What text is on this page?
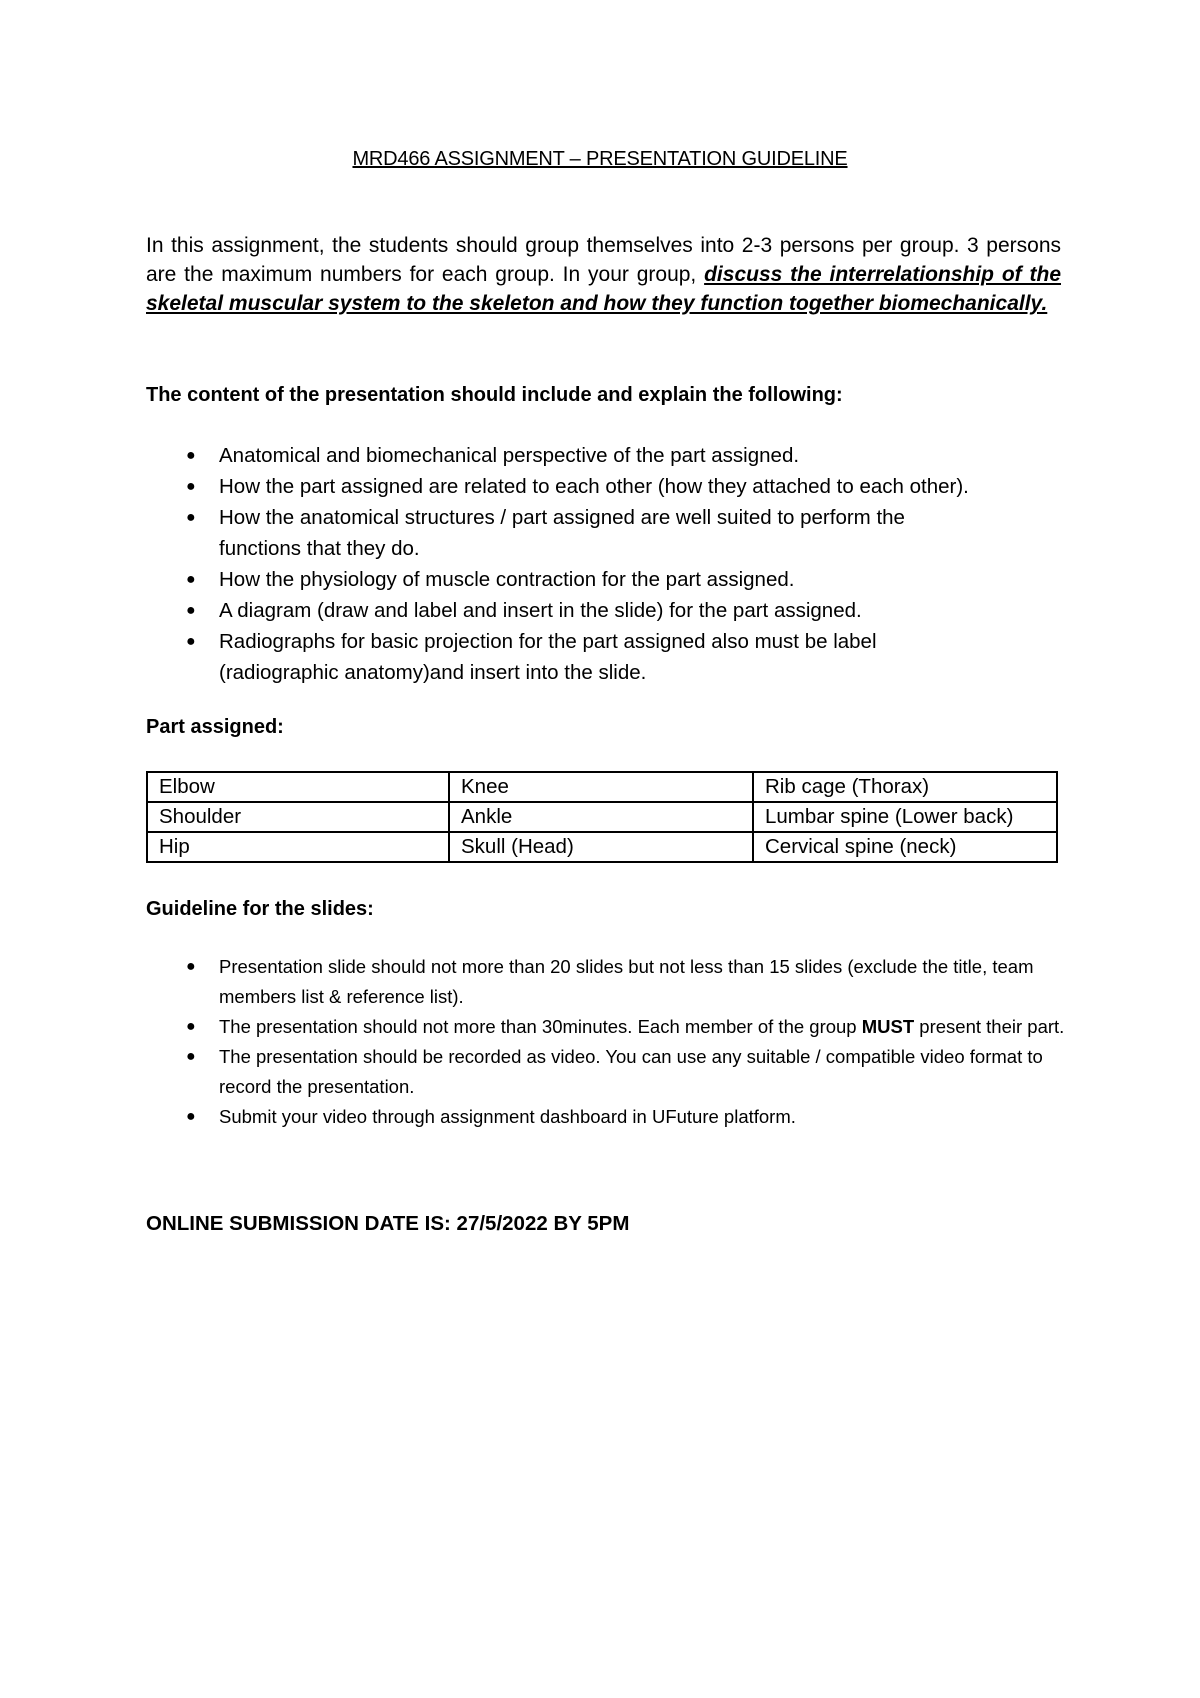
MRD466 ASSIGNMENT – PRESENTATION GUIDELINE
In this assignment, the students should group themselves into 2-3 persons per group. 3 persons are the maximum numbers for each group. In your group, discuss the interrelationship of the skeletal muscular system to the skeleton and how they function together biomechanically.
The content of the presentation should include and explain the following:
● Anatomical and biomechanical perspective of the part assigned.
● How the part assigned are related to each other (how they attached to each other).
● How the anatomical structures / part assigned are well suited to perform the functions that they do.
● How the physiology of muscle contraction for the part assigned.
● A diagram (draw and label and insert in the slide) for the part assigned.
● Radiographs for basic projection for the part assigned also must be label (radiographic anatomy)and insert into the slide.
Part assigned:
Elbow	Knee	Rib cage (Thorax)
Shoulder	Ankle	Lumbar spine (Lower back)
Hip	Skull (Head)	Cervical spine (neck)
Guideline for the slides:
● Presentation slide should not more than 20 slides but not less than 15 slides (exclude the title, team members list & reference list).
● The presentation should not more than 30minutes. Each member of the group MUST present their part.
● The presentation should be recorded as video. You can use any suitable / compatible video format to record the presentation.
● Submit your video through assignment dashboard in UFuture platform.
ONLINE SUBMISSION DATE IS: 27/5/2022 BY 5PM
